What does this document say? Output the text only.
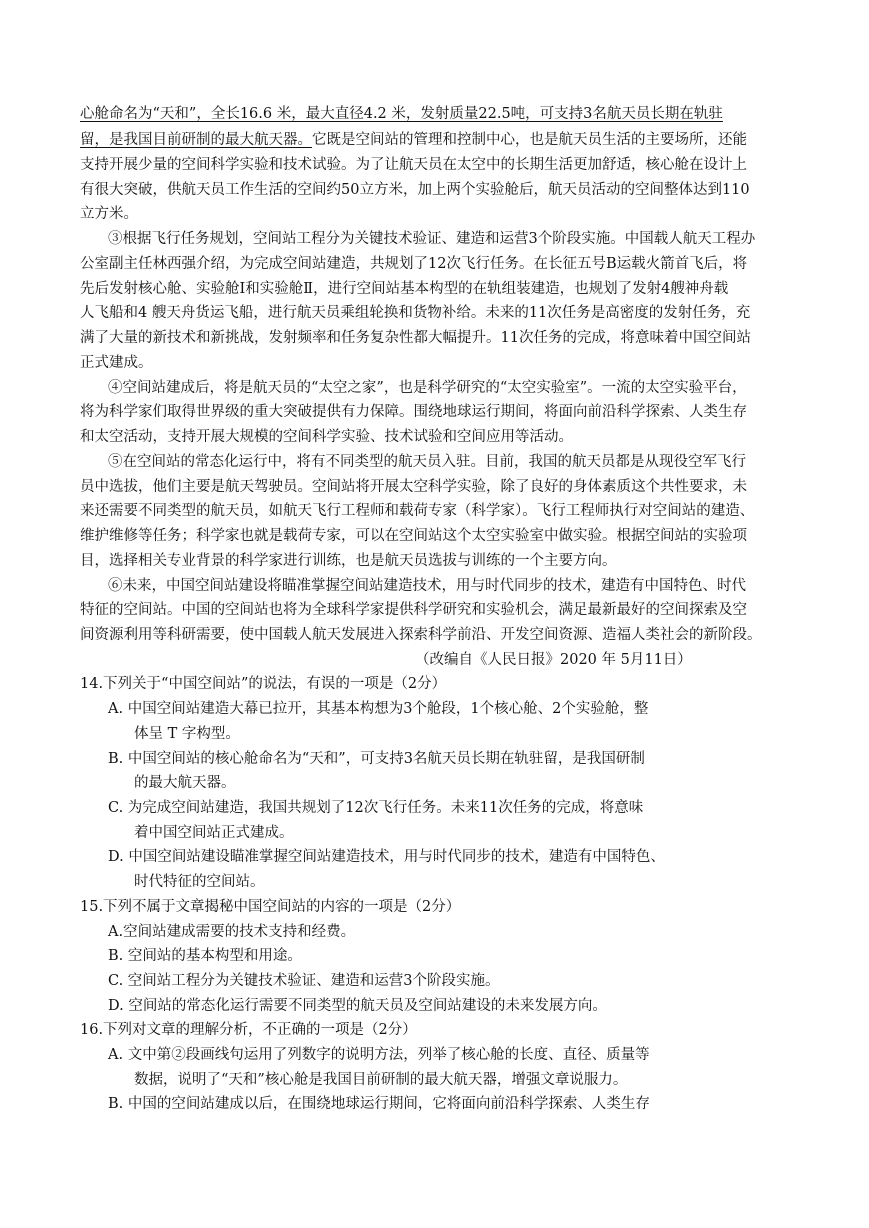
心舱命名为“天和”，全长16.6 米，最大直径4.2 米，发射质量22.5吨，可支持3名航天员长期在轨驻
留，是我国目前研制的最大航天器。它既是空间站的管理和控制中心，也是航天员生活的主要场所，还能
支持开展少量的空间科学实验和技术试验。为了让航天员在太空中的长期生活更加舒适，核心舱在设计上
有很大突破，供航天员工作生活的空间约50立方米，加上两个实验舱后，航天员活动的空间整体达到110
立方米。
③根据飞行任务规划，空间站工程分为关键技术验证、建造和运营3个阶段实施。中国载人航天工程办
公室副主任林西强介绍，为完成空间站建造，共规划了12次飞行任务。在长征五号B运载火箭首飞后，将
先后发射核心舱、实验舱Ⅰ和实验舱Ⅱ，进行空间站基本构型的在轨组装建造，也规划了发射4艘神舟载
人飞船和4 艘天舟货运飞船，进行航天员乘组轮换和货物补给。未来的11次任务是高密度的发射任务，充
满了大量的新技术和新挑战，发射频率和任务复杂性都大幅提升。11次任务的完成，将意味着中国空间站
正式建成。
④空间站建成后，将是航天员的“太空之家”，也是科学研究的“太空实验室”。一流的太空实验平台，
将为科学家们取得世界级的重大突破提供有力保障。围绕地球运行期间，将面向前沿科学探索、人类生存
和太空活动，支持开展大规模的空间科学实验、技术试验和空间应用等活动。
⑤在空间站的常态化运行中，将有不同类型的航天员入驻。目前，我国的航天员都是从现役空军飞行
员中选拔，他们主要是航天驾驶员。空间站将开展太空科学实验，除了良好的身体素质这个共性要求，未
来还需要不同类型的航天员，如航天飞行工程师和载荷专家（科学家）。飞行工程师执行对空间站的建造、
维护维修等任务；科学家也就是载荷专家，可以在空间站这个太空实验室中做实验。根据空间站的实验项
目，选择相关专业背景的科学家进行训练，也是航天员选拔与训练的一个主要方向。
⑥未来，中国空间站建设将瞄准掌握空间站建造技术，用与时代同步的技术，建造有中国特色、时代
特征的空间站。中国的空间站也将为全球科学家提供科学研究和实验机会，满足最新最好的空间探索及空
间资源利用等科研需要，使中国载人航天发展进入探索科学前沿、开发空间资源、造福人类社会的新阶段。
（改编自《人民日报》2020 年 5月11日）
14.下列关于“中国空间站”的说法，有误的一项是（2分）
A. 中国空间站建造大幕已拉开，其基本构想为3个舱段，1个核心舱、2个实验舱，整
体呈 T 字构型。
B. 中国空间站的核心舱命名为“天和”，可支持3名航天员长期在轨驻留，是我国研制
的最大航天器。
C. 为完成空间站建造，我国共规划了12次飞行任务。未来11次任务的完成，将意味
着中国空间站正式建成。
D. 中国空间站建设瞄准掌握空间站建造技术，用与时代同步的技术，建造有中国特色、
时代特征的空间站。
15.下列不属于文章揭秘中国空间站的内容的一项是（2分）
A.空间站建成需要的技术支持和经费。
B. 空间站的基本构型和用途。
C. 空间站工程分为关键技术验证、建造和运营3个阶段实施。
D. 空间站的常态化运行需要不同类型的航天员及空间站建设的未来发展方向。
16.下列对文章的理解分析，不正确的一项是（2分）
A. 文中第②段画线句运用了列数字的说明方法，列举了核心舱的长度、直径、质量等
数据，说明了“天和”核心舱是我国目前研制的最大航天器，增强文章说服力。
B. 中国的空间站建成以后，在围绕地球运行期间，它将面向前沿科学探索、人类生存
